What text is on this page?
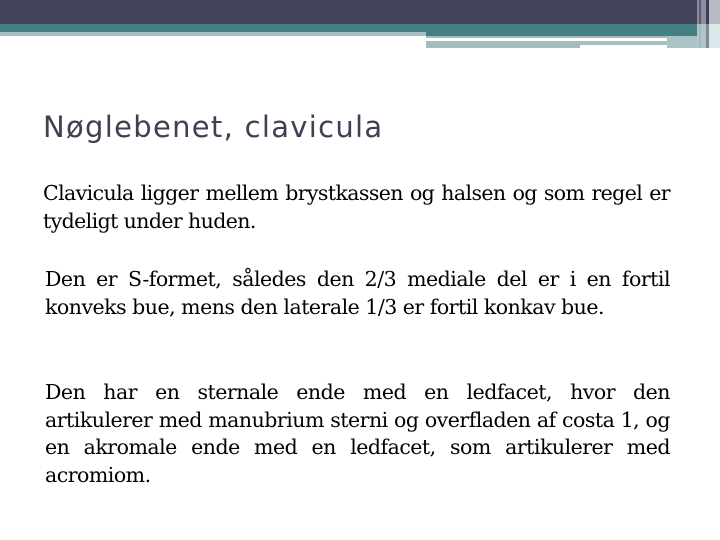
Nøglebenet, clavicula

Clavicula ligger mellem brystkassen og halsen og som regel er tydeligt under huden.

Den er S-formet, således den 2/3 mediale del er i en fortil konveks bue, mens den laterale 1/3 er fortil konkav bue.

Den har en sternale ende med en ledfacet, hvor den artikulerer med manubrium sterni og overfladen af costa 1, og en akromale ende med en ledfacet, som artikulerer med acromiom.
